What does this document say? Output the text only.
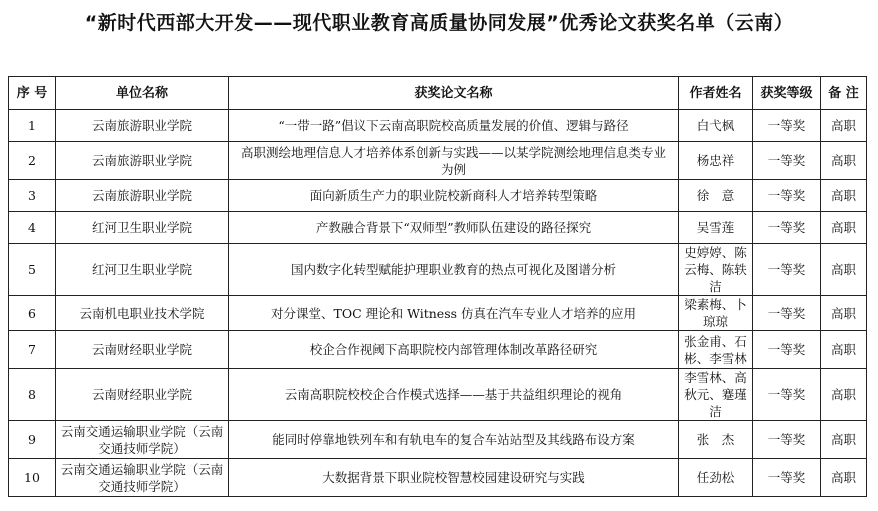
“新时代西部大开发——现代职业教育高质量协同发展”优秀论文获奖名单（云南）
序 号	单位名称	获奖论文名称	作者姓名	获奖等级	备 注
1	云南旅游职业学院	“一带一路”倡议下云南高职院校高质量发展的价值、逻辑与路径	白弋枫	一等奖	高职
2	云南旅游职业学院	高职测绘地理信息人才培养体系创新与实践——以某学院测绘地理信息类专业为例	杨忠祥	一等奖	高职
3	云南旅游职业学院	面向新质生产力的职业院校新商科人才培养转型策略	徐　意	一等奖	高职
4	红河卫生职业学院	产教融合背景下“双师型”教师队伍建设的路径探究	吴雪莲	一等奖	高职
5	红河卫生职业学院	国内数字化转型赋能护理职业教育的热点可视化及图谱分析	史婷婷、陈云梅、陈轶洁	一等奖	高职
6	云南机电职业技术学院	对分课堂、TOC 理论和 Witness 仿真在汽车专业人才培养的应用	梁素梅、卜琼琼	一等奖	高职
7	云南财经职业学院	校企合作视阈下高职院校内部管理体制改革路径研究	张金甫、石彬、李雪林	一等奖	高职
8	云南财经职业学院	云南高职院校校企合作模式选择——基于共益组织理论的视角	李雪林、高秋元、蹇瑾洁	一等奖	高职
9	云南交通运输职业学院（云南交通技师学院）	能同时停靠地铁列车和有轨电车的复合车站站型及其线路布设方案	张　杰	一等奖	高职
10	云南交通运输职业学院（云南交通技师学院）	大数据背景下职业院校智慧校园建设研究与实践	任劲松	一等奖	高职
